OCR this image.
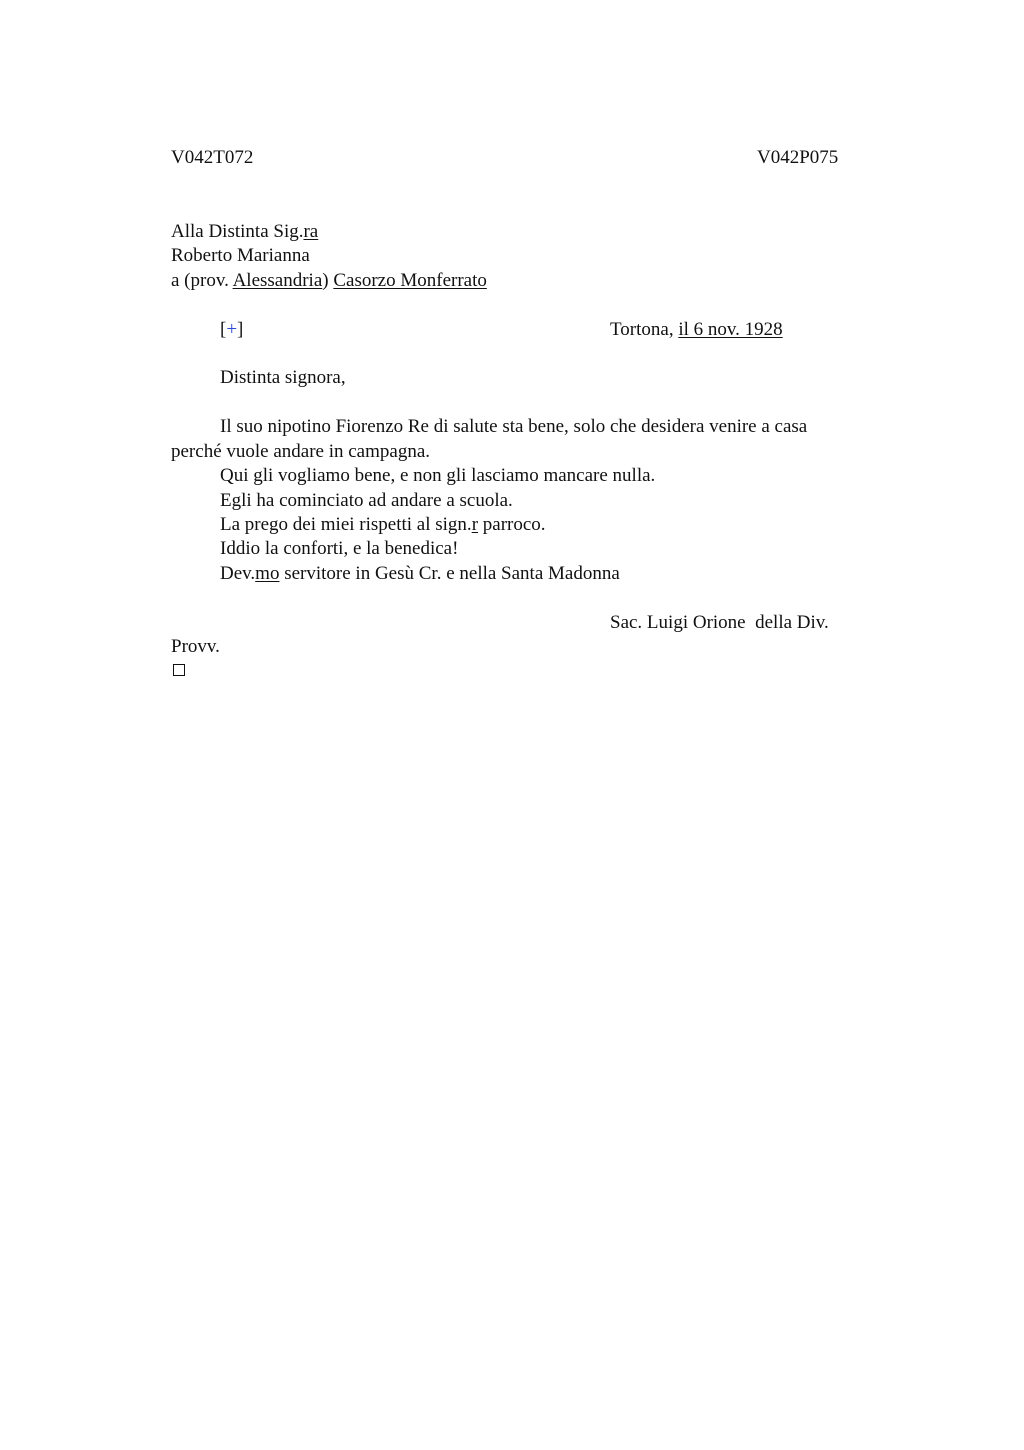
V042T072	V042P075
Alla Distinta Sig.ra
Roberto Marianna
a (prov. Alessandria) Casorzo Monferrato
[+]	Tortona, il 6 nov. 1928
Distinta signora,
Il suo nipotino Fiorenzo Re di salute sta bene, solo che desidera venire a casa
perché vuole andare in campagna.
Qui gli vogliamo bene, e non gli lasciamo mancare nulla.
Egli ha cominciato ad andare a scuola.
La prego dei miei rispetti al sign.r parroco.
Iddio la conforti, e la benedica!
Dev.mo servitore in Gesù Cr. e nella Santa Madonna
Sac. Luigi Orione  della Div.
Provv.
